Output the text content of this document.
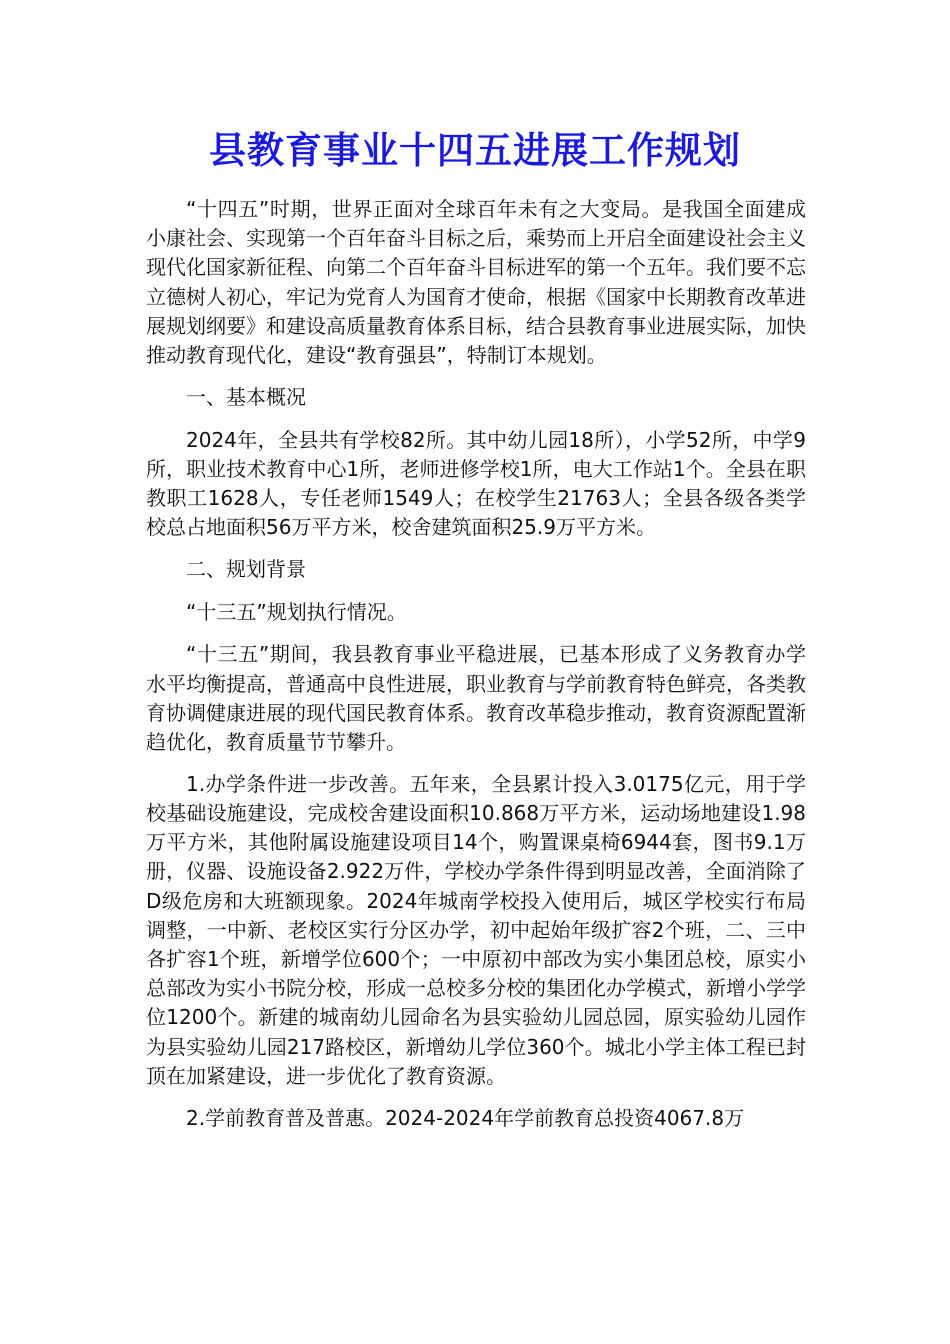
县教育事业十四五进展工作规划

“十四五”时期，世界正面对全球百年未有之大变局。是我国全面建成小康社会、实现第一个百年奋斗目标之后，乘势而上开启全面建设社会主义现代化国家新征程、向第二个百年奋斗目标进军的第一个五年。我们要不忘立德树人初心，牢记为党育人为国育才使命，根据《国家中长期教育改革进展规划纲要》和建设高质量教育体系目标，结合县教育事业进展实际，加快推动教育现代化，建设“教育强县”，特制订本规划。

一、基本概况

2024年，全县共有学校82所。其中幼儿园18所），小学52所，中学9所，职业技术教育中心1所，老师进修学校1所，电大工作站1个。全县在职教职工1628人，专任老师1549人；在校学生21763人；全县各级各类学校总占地面积56万平方米，校舍建筑面积25.9万平方米。

二、规划背景

“十三五”规划执行情况。

“十三五”期间，我县教育事业平稳进展，已基本形成了义务教育办学水平均衡提高，普通高中良性进展，职业教育与学前教育特色鲜亮，各类教育协调健康进展的现代国民教育体系。教育改革稳步推动，教育资源配置渐趋优化，教育质量节节攀升。

1.办学条件进一步改善。五年来，全县累计投入3.0175亿元，用于学校基础设施建设，完成校舍建设面积10.868万平方米，运动场地建设1.98万平方米，其他附属设施建设项目14个，购置课桌椅6944套，图书9.1万册，仪器、设施设备2.922万件，学校办学条件得到明显改善，全面消除了D级危房和大班额现象。2024年城南学校投入使用后，城区学校实行布局调整，一中新、老校区实行分区办学，初中起始年级扩容2个班，二、三中各扩容1个班，新增学位600个；一中原初中部改为实小集团总校，原实小总部改为实小书院分校，形成一总校多分校的集团化办学模式，新增小学学位1200个。新建的城南幼儿园命名为县实验幼儿园总园，原实验幼儿园作为县实验幼儿园217路校区，新增幼儿学位360个。城北小学主体工程已封顶在加紧建设，进一步优化了教育资源。

2.学前教育普及普惠。2024-2024年学前教育总投资4067.8万
